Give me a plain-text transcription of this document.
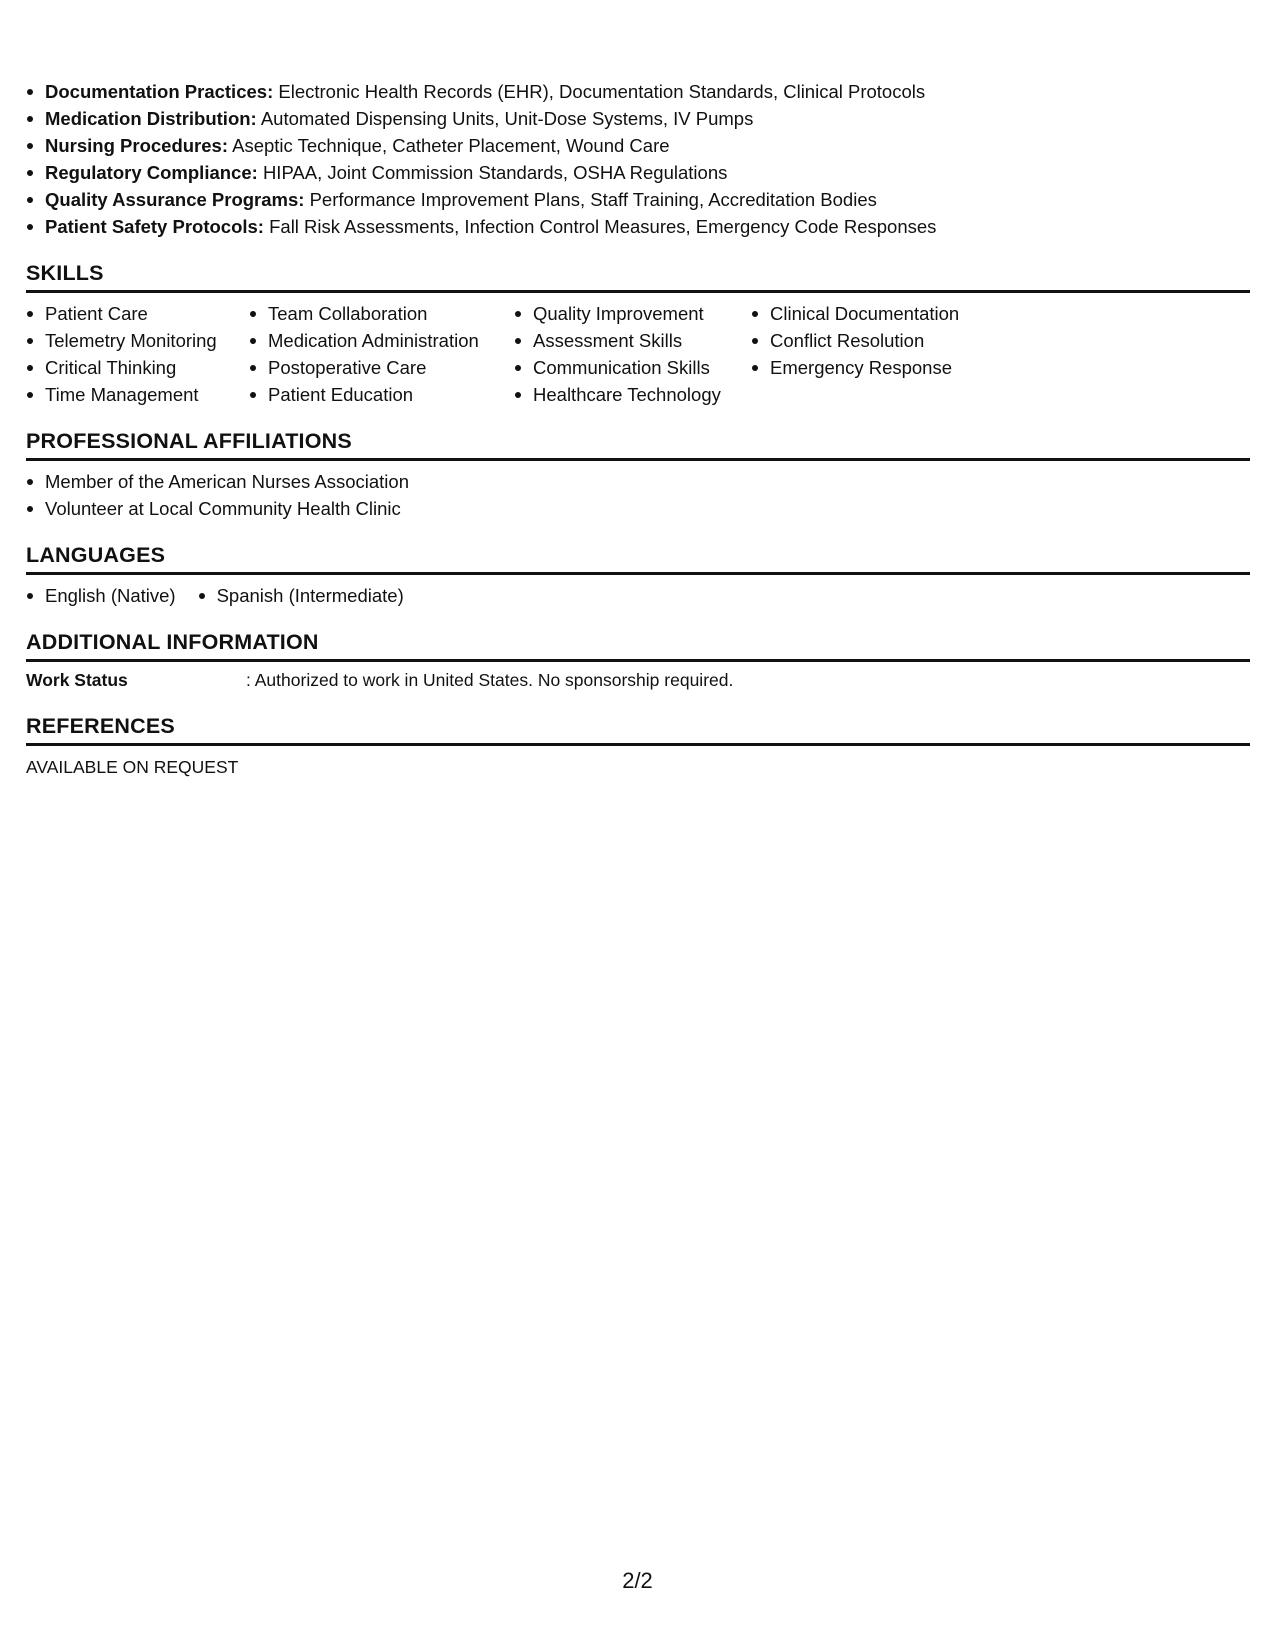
Documentation Practices: Electronic Health Records (EHR), Documentation Standards, Clinical Protocols
Medication Distribution: Automated Dispensing Units, Unit-Dose Systems, IV Pumps
Nursing Procedures: Aseptic Technique, Catheter Placement, Wound Care
Regulatory Compliance: HIPAA, Joint Commission Standards, OSHA Regulations
Quality Assurance Programs: Performance Improvement Plans, Staff Training, Accreditation Bodies
Patient Safety Protocols: Fall Risk Assessments, Infection Control Measures, Emergency Code Responses
SKILLS
Patient Care
Telemetry Monitoring
Critical Thinking
Time Management
Team Collaboration
Medication Administration
Postoperative Care
Patient Education
Quality Improvement
Assessment Skills
Communication Skills
Healthcare Technology
Clinical Documentation
Conflict Resolution
Emergency Response
PROFESSIONAL AFFILIATIONS
Member of the American Nurses Association
Volunteer at Local Community Health Clinic
LANGUAGES
English (Native)	Spanish (Intermediate)
ADDITIONAL INFORMATION
Work Status	: Authorized to work in United States. No sponsorship required.
REFERENCES
AVAILABLE ON REQUEST
2/2
